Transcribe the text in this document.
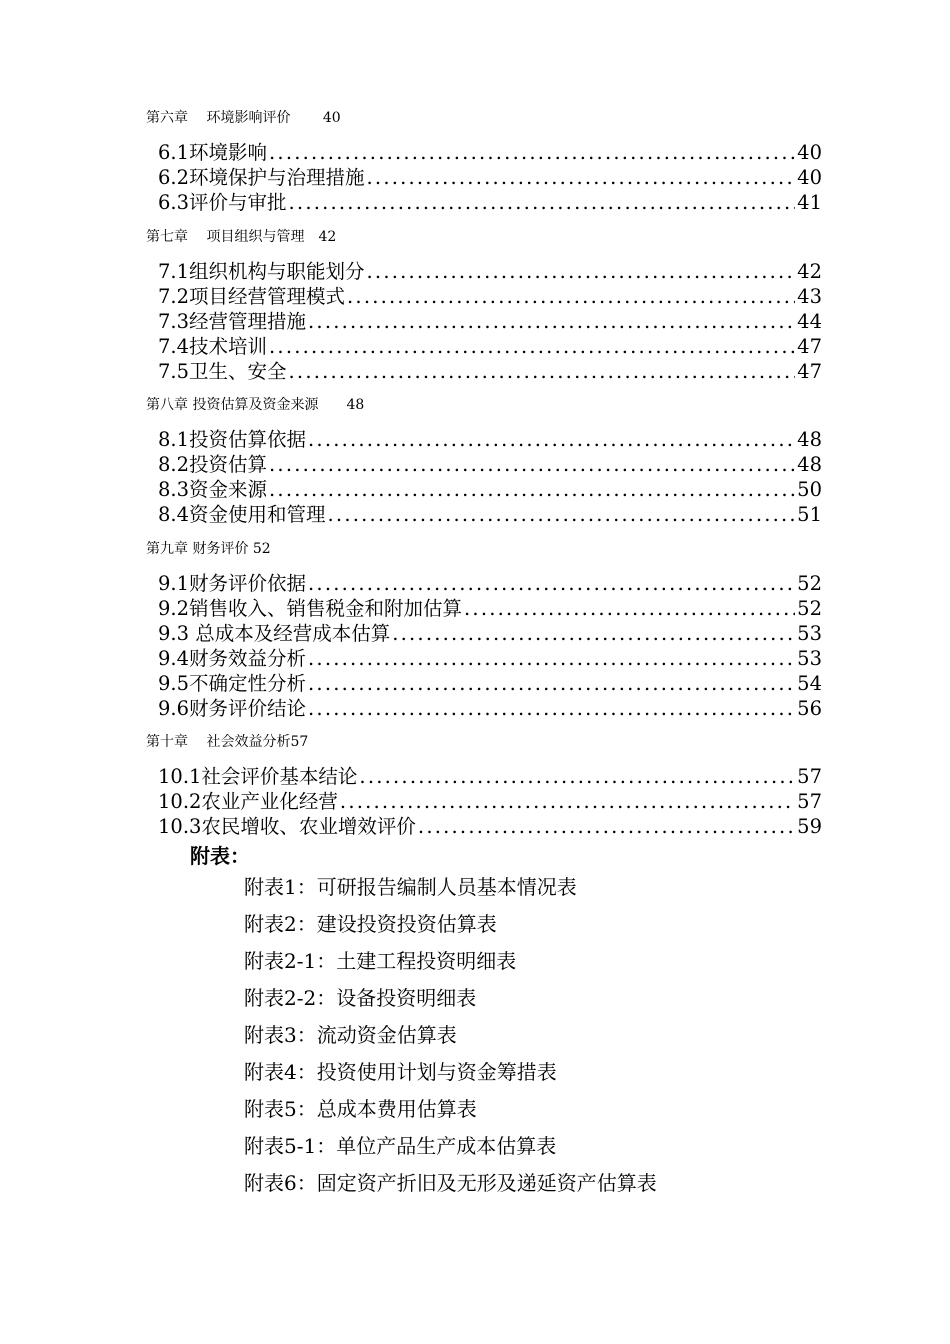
第六章　 环境影响评价 　　40
6.1环境影响 .....	40
6.2环境保护与治理措施 .....	40
6.3评价与审批 .....	41
第七章　 项目组织与管理　42
7.1组织机构与职能划分 .....	42
7.2项目经营管理模式 .....	43
7.3经营管理措施 .....	44
7.4技术培训 .....	47
7.5卫生、安全 .....	47
第八章 投资估算及资金来源　　48
8.1投资估算依据 .....	48
8.2投资估算 .....	48
8.3资金来源 .....	50
8.4资金使用和管理 .....	51
第九章 财务评价 52
9.1财务评价依据 .....	52
9.2销售收入、销售税金和附加估算 .....	52
9.3 总成本及经营成本估算 .....	53
9.4财务效益分析 .....	53
9.5不确定性分析 .....	54
9.6财务评价结论 .....	56
第十章　 社会效益分析57
10.1社会评价基本结论 .....	57
10.2农业产业化经营 .....	57
10.3农民增收、农业增效评价 .....	59
附表：
附表1：可研报告编制人员基本情况表
附表2：建设投资投资估算表
附表2-1：土建工程投资明细表
附表2-2：设备投资明细表
附表3：流动资金估算表
附表4：投资使用计划与资金筹措表
附表5：总成本费用估算表
附表5-1：单位产品生产成本估算表
附表6：固定资产折旧及无形及递延资产估算表
